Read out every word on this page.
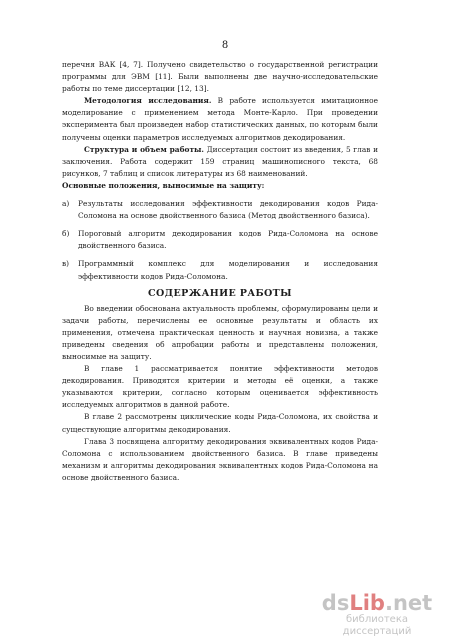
8

перечня ВАК [4, 7]. Получено свидетельство о государственной регистрации программы для ЭВМ [11]. Были выполнены две научно-исследовательские работы по теме диссертации [12, 13].

Методология исследования. В работе используется имитационное моделирование с применением метода Монте-Карло. При проведении эксперимента был произведен набор статистических данных, по которым были получены оценки параметров исследуемых алгоритмов декодирования.

Структура и объем работы. Диссертация состоит из введения, 5 глав и заключения. Работа содержит 159 страниц машинописного текста, 68 рисунков, 7 таблиц и список литературы из 68 наименований.

Основные положения, выносимые на защиту:

а)	Результаты исследования эффективности декодирования кодов Рида-Соломона на основе двойственного базиса (Метод двойственного базиса).
б)	Пороговый алгоритм декодирования кодов Рида-Соломона на основе двойственного базиса.
в)	Программный комплекс для моделирования и исследования эффективности кодов Рида-Соломона.
СОДЕРЖАНИЕ РАБОТЫ

Во введении обоснована актуальность проблемы, сформулированы цели и задачи работы, перечислены ее основные результаты и область их применения, отмечена практическая ценность и научная новизна, а также приведены сведения об апробации работы и представлены положения, выносимые на защиту.

В главе 1 рассматривается понятие эффективности методов декодирования. Приводятся критерии и методы её оценки, а также указываются критерии, согласно которым оценивается эффективность исследуемых алгоритмов в данной работе.

В главе 2 рассмотрены циклические коды Рида-Соломона, их свойства и существующие алгоритмы декодирования.

Глава 3 посвящена алгоритму декодирования эквивалентных кодов Рида-Соломона с использованием двойственного базиса. В главе приведены механизм и алгоритмы декодирования эквивалентных кодов Рида-Соломона на основе двойственного базиса.

dsLib.net
библиотека диссертаций
